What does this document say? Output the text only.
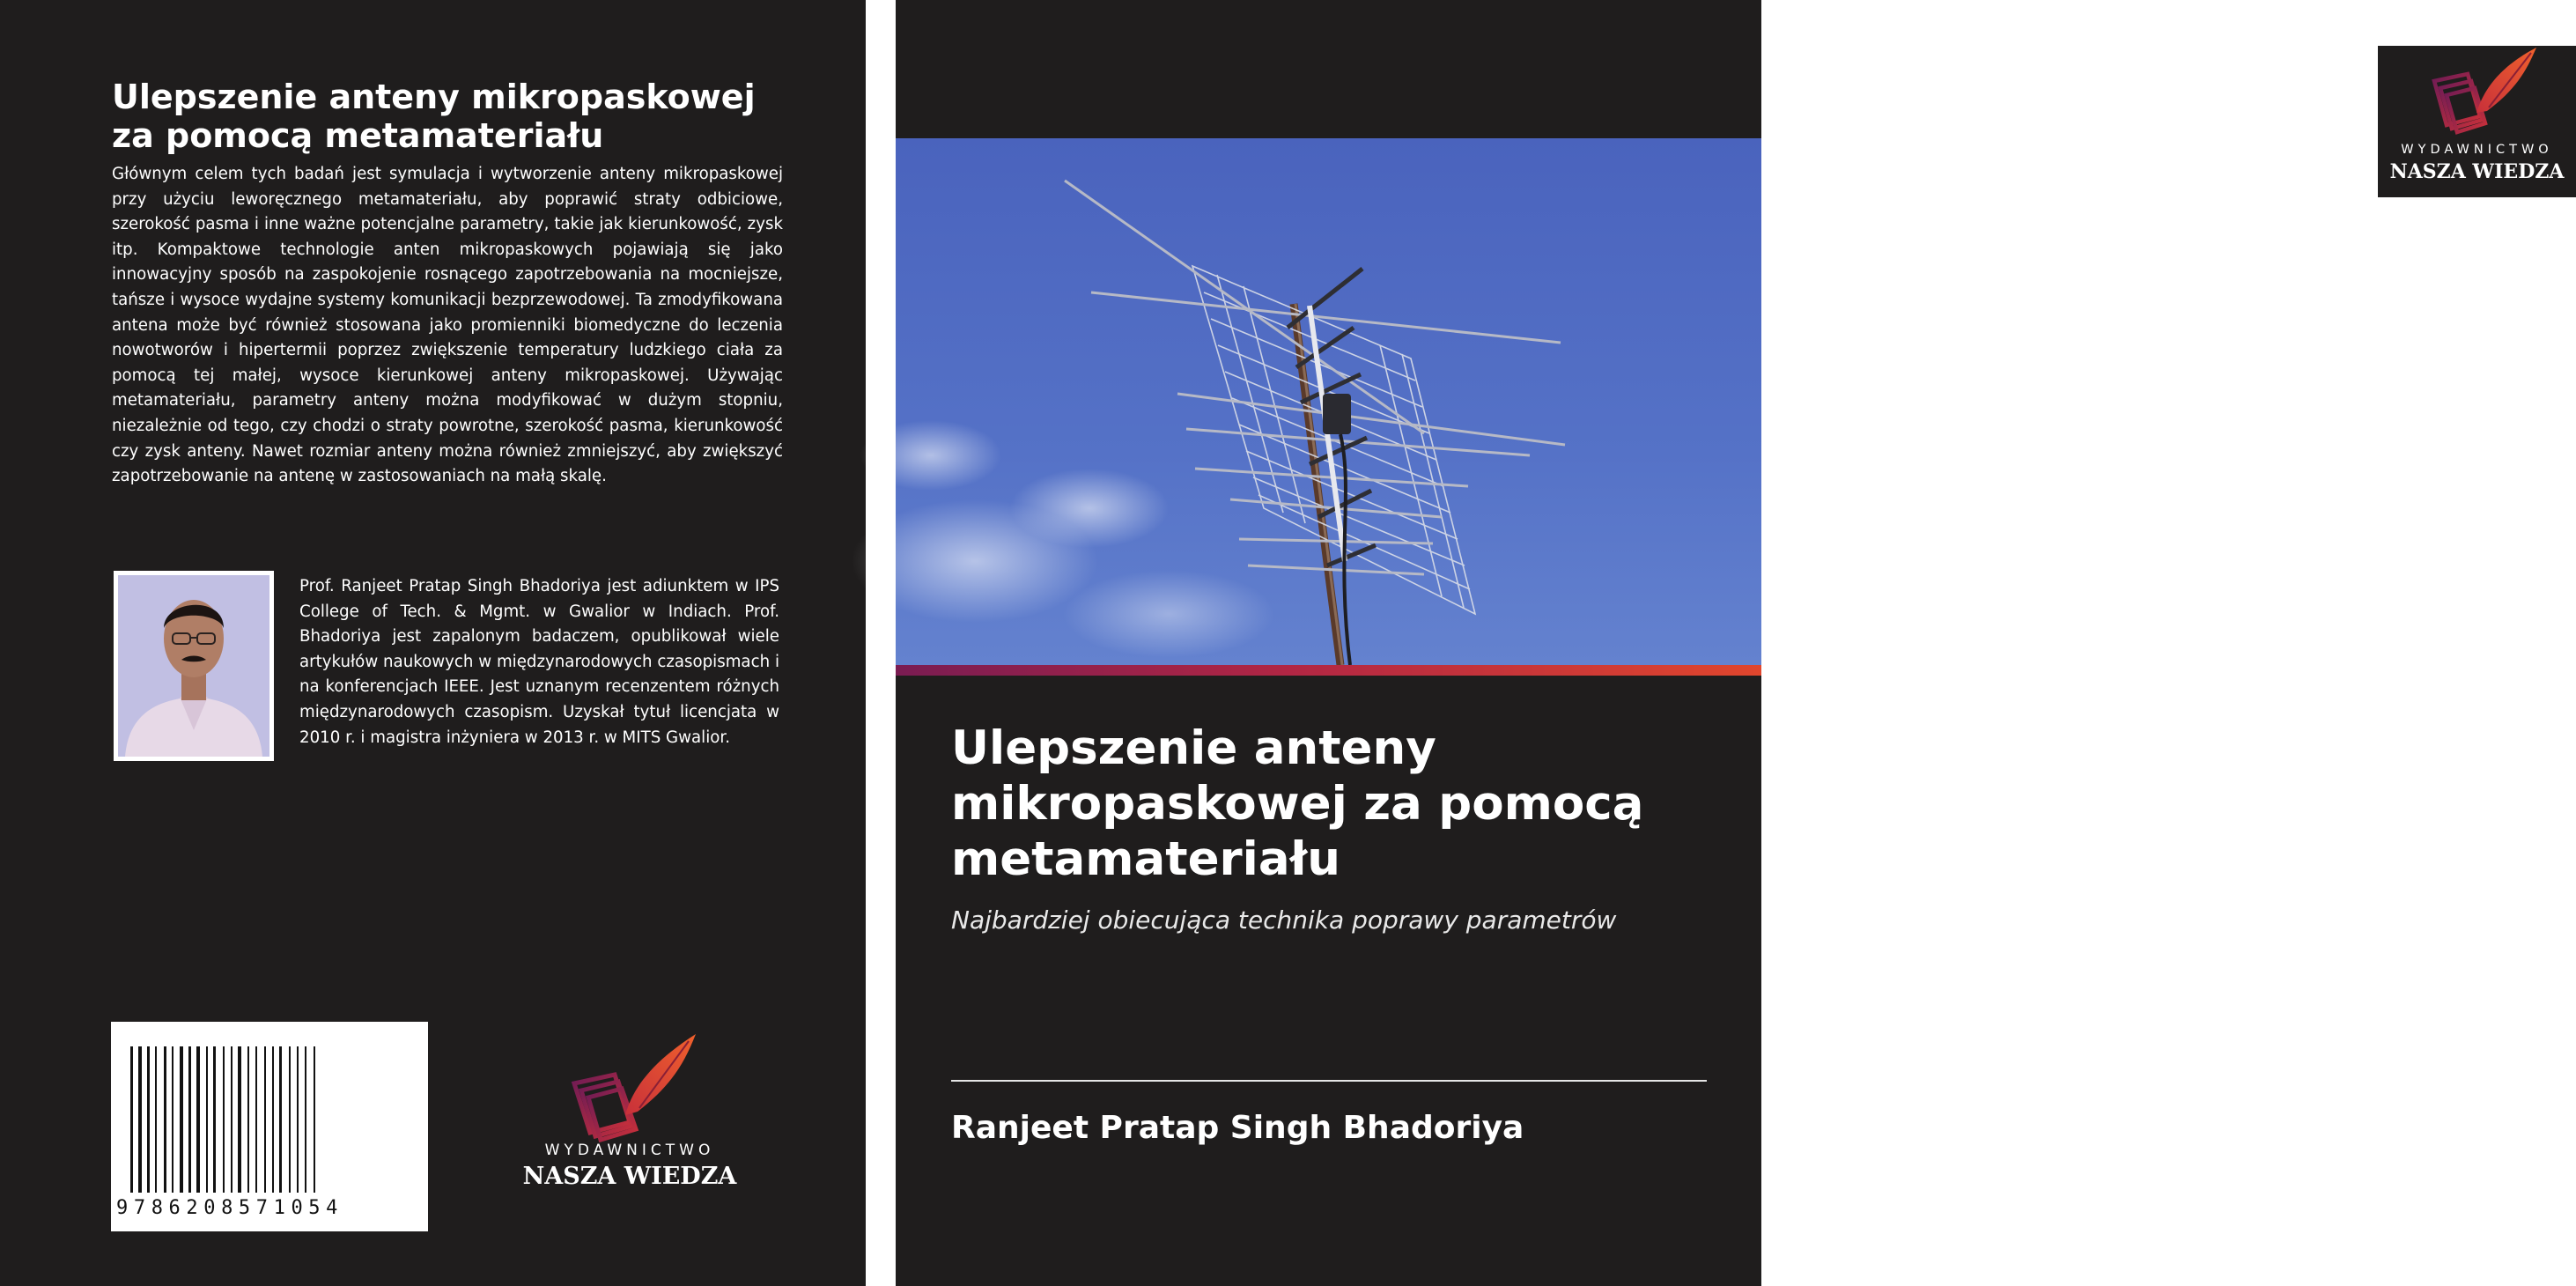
Ulepszenie anteny mikropaskowej za pomocą metamateriału

Głównym celem tych badań jest symulacja i wytworzenie anteny mikropaskowej przy użyciu leworęcznego metamateriału, aby poprawić straty odbiciowe, szerokość pasma i inne ważne potencjalne parametry, takie jak kierunkowość, zysk itp. Kompaktowe technologie anten mikropaskowych pojawiają się jako innowacyjny sposób na zaspokojenie rosnącego zapotrzebowania na mocniejsze, tańsze i wysoce wydajne systemy komunikacji bezprzewodowej. Ta zmodyfikowana antena może być również stosowana jako promienniki biomedyczne do leczenia nowotworów i hipertermii poprzez zwiększenie temperatury ludzkiego ciała za pomocą tej małej, wysoce kierunkowej anteny mikropaskowej. Używając metamateriału, parametry anteny można modyfikować w dużym stopniu, niezależnie od tego, czy chodzi o straty powrotne, szerokość pasma, kierunkowość czy zysk anteny. Nawet rozmiar anteny można również zmniejszyć, aby zwiększyć zapotrzebowanie na antenę w zastosowaniach na małą skalę.

Prof. Ranjeet Pratap Singh Bhadoriya jest adiunktem w IPS College of Tech. & Mgmt. w Gwalior w Indiach. Prof. Bhadoriya jest zapalonym badaczem, opublikował wiele artykułów naukowych w międzynarodowych czasopismach i na konferencjach IEEE. Jest uznanym recenzentem różnych międzynarodowych czasopism. Uzyskał tytuł licencjata w 2010 r. i magistra inżyniera w 2013 r. w MITS Gwalior.

9786208571054
WYDAWNICTWO
NASZA WIEDZA
WYDAWNICTWO
NASZA WIEDZA
Ulepszenie anteny mikropaskowej za pomocą metamateriału
Najbardziej obiecująca technika poprawy parametrów
Ranjeet Pratap Singh Bhadoriya
